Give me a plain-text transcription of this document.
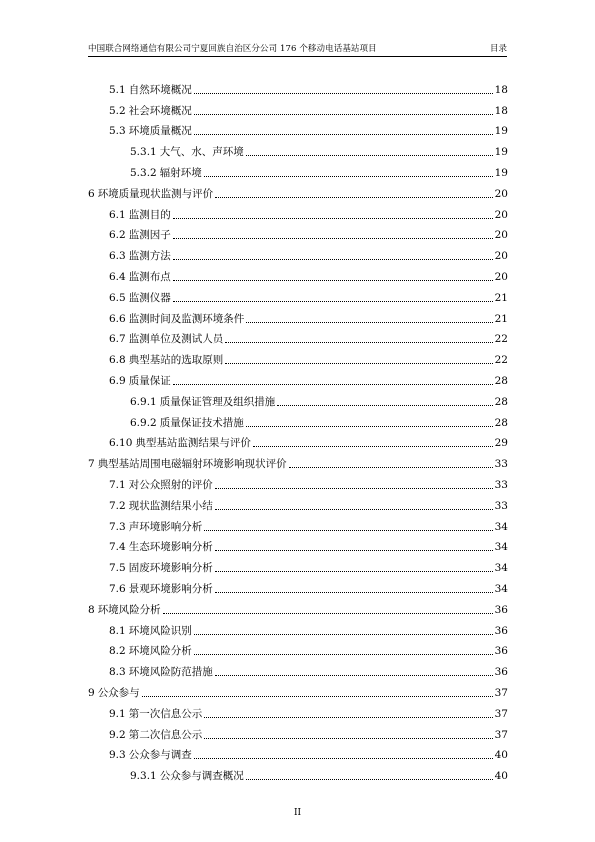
中国联合网络通信有限公司宁夏回族自治区分公司 176 个移动电话基站项目	目录
5.1 自然环境概况	18
5.2 社会环境概况	18
5.3 环境质量概况	19
5.3.1 大气、水、声环境	19
5.3.2 辐射环境	19
6 环境质量现状监测与评价	20
6.1 监测目的	20
6.2 监测因子	20
6.3 监测方法	20
6.4 监测布点	20
6.5 监测仪器	21
6.6 监测时间及监测环境条件	21
6.7 监测单位及测试人员	22
6.8 典型基站的选取原则	22
6.9 质量保证	28
6.9.1 质量保证管理及组织措施	28
6.9.2 质量保证技术措施	28
6.10 典型基站监测结果与评价	29
7 典型基站周围电磁辐射环境影响现状评价	33
7.1 对公众照射的评价	33
7.2 现状监测结果小结	33
7.3 声环境影响分析	34
7.4 生态环境影响分析	34
7.5 固废环境影响分析	34
7.6 景观环境影响分析	34
8 环境风险分析	36
8.1 环境风险识别	36
8.2 环境风险分析	36
8.3 环境风险防范措施	36
9 公众参与	37
9.1 第一次信息公示	37
9.2 第二次信息公示	37
9.3 公众参与调查	40
9.3.1 公众参与调查概况	40
II
